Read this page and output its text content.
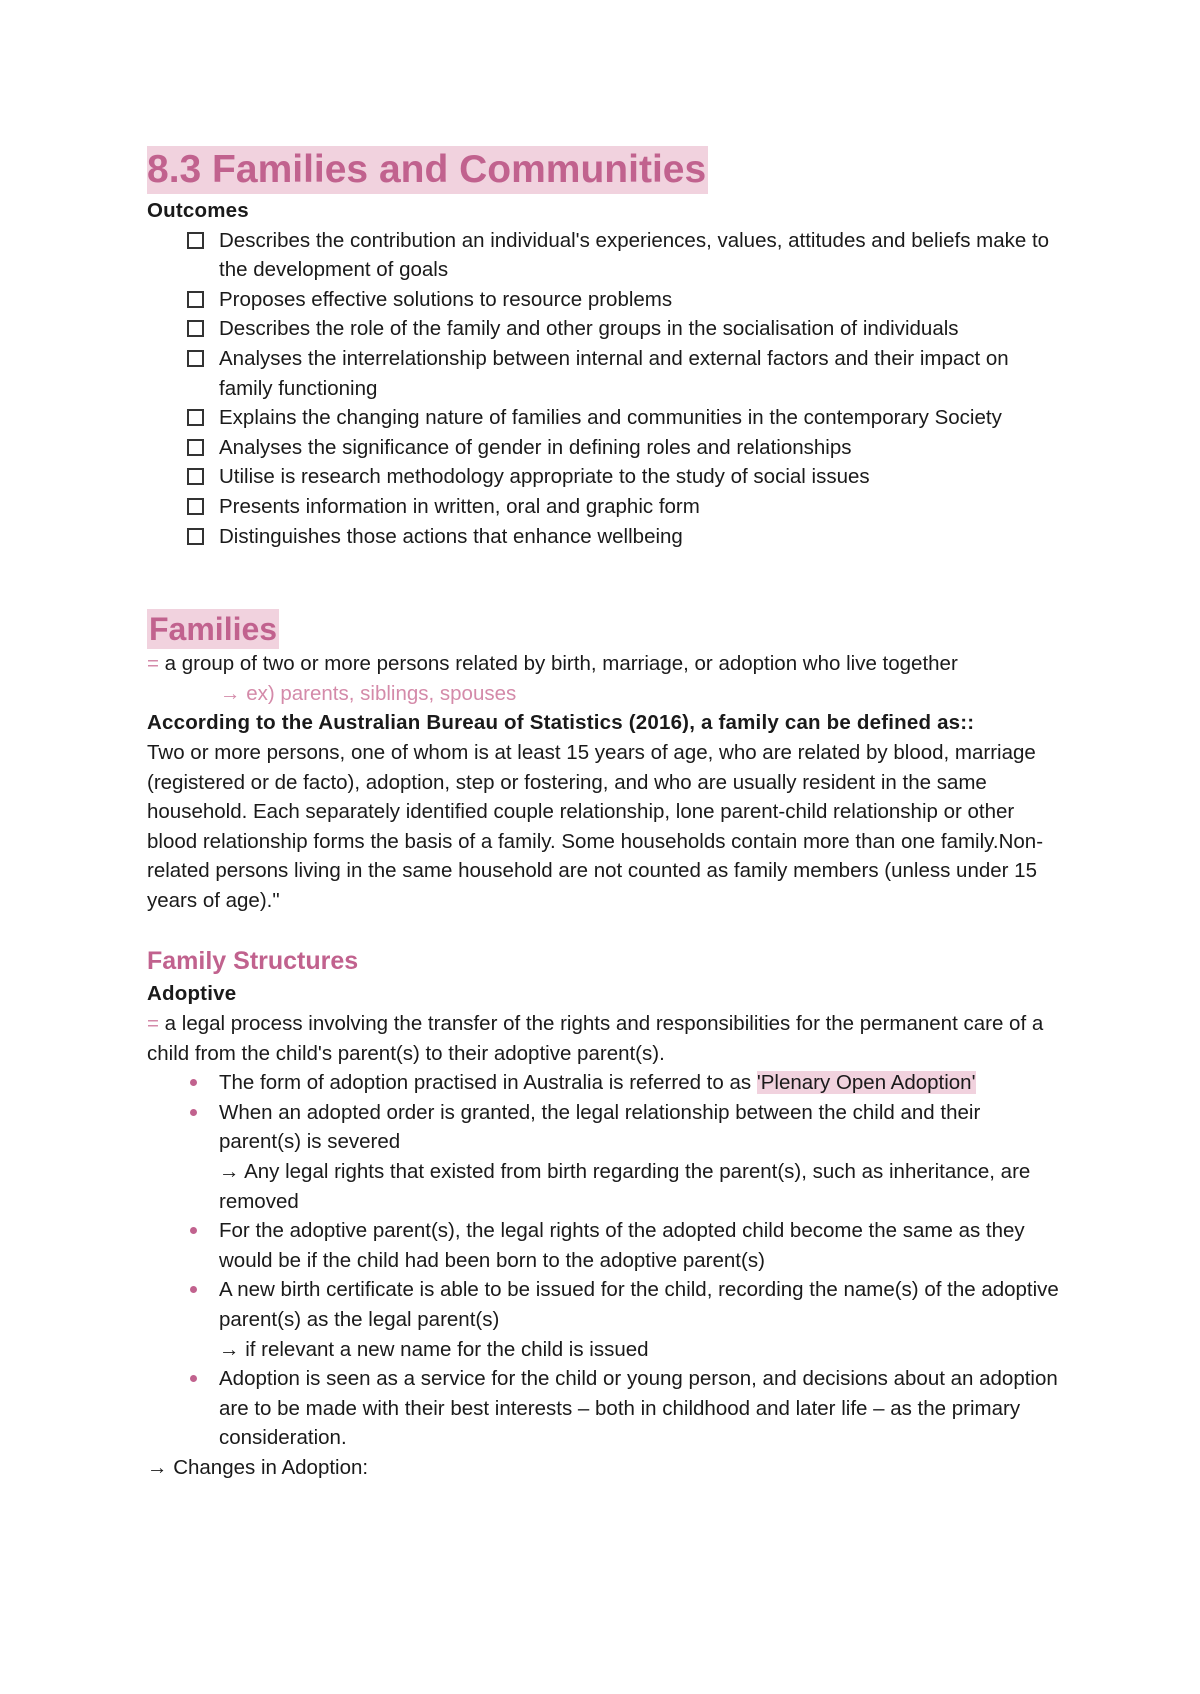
8.3 Families and Communities
Outcomes
Describes the contribution an individual's experiences, values, attitudes and beliefs make to the development of goals
Proposes effective solutions to resource problems
Describes the role of the family and other groups in the socialisation of individuals
Analyses the interrelationship between internal and external factors and their impact on family functioning
Explains the changing nature of families and communities in the contemporary Society
Analyses the significance of gender in defining roles and relationships
Utilise is research methodology appropriate to the study of social issues
Presents information in written, oral and graphic form
Distinguishes those actions that enhance wellbeing
Families

= a group of two or more persons related by birth, marriage, or adoption who live together

→ ex) parents, siblings, spouses

According to the Australian Bureau of Statistics (2016), a family can be defined as::

Two or more persons, one of whom is at least 15 years of age, who are related by blood, marriage (registered or de facto), adoption, step or fostering, and who are usually resident in the same household. Each separately identified couple relationship, lone parent-child relationship or other blood relationship forms the basis of a family. Some households contain more than one family.Non-related persons living in the same household are not counted as family members (unless under 15 years of age)."

Family Structures

Adoptive

= a legal process involving the transfer of the rights and responsibilities for the permanent care of a child from the child's parent(s) to their adoptive parent(s).

The form of adoption practised in Australia is referred to as 'Plenary Open Adoption'
When an adopted order is granted, the legal relationship between the child and their parent(s) is severed
→ Any legal rights that existed from birth regarding the parent(s), such as inheritance, are removed
For the adoptive parent(s), the legal rights of the adopted child become the same as they would be if the child had been born to the adoptive parent(s)
A new birth certificate is able to be issued for the child, recording the name(s) of the adoptive parent(s) as the legal parent(s)
→ if relevant a new name for the child is issued
Adoption is seen as a service for the child or young person, and decisions about an adoption are to be made with their best interests – both in childhood and later life – as the primary consideration.

→ Changes in Adoption:
